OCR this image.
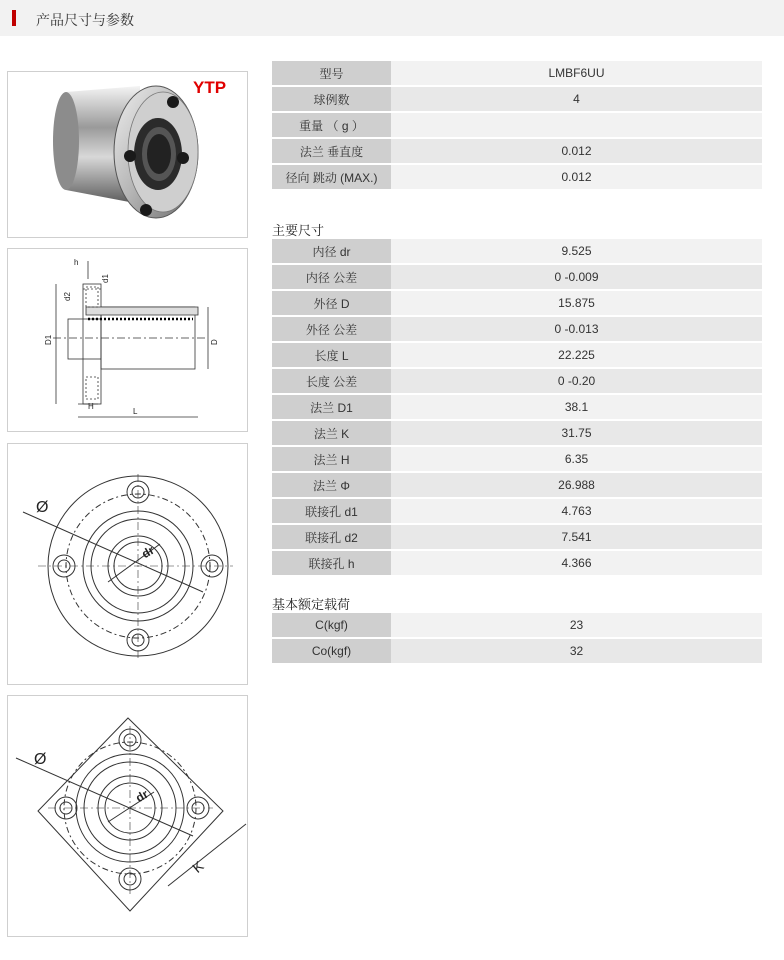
产品尺寸与参数
YTP
h
d1
d2
D1	D
H
L
Ø
dr
Ø
dr
K
型号	LMBF6UU
球例数	4
重量 （ g ）	
法兰 垂直度	0.012
径向 跳动 (MAX.)	0.012
主要尺寸
内径 dr	9.525
内径 公差	0 -0.009
外径 D	15.875
外径 公差	0 -0.013
长度 L	22.225
长度 公差	0 -0.20
法兰 D1	38.1
法兰 K	31.75
法兰 H	6.35
法兰 Φ	26.988
联接孔 d1	4.763
联接孔 d2	7.541
联接孔 h	4.366
基本额定载荷
C(kgf)	23
Co(kgf)	32
